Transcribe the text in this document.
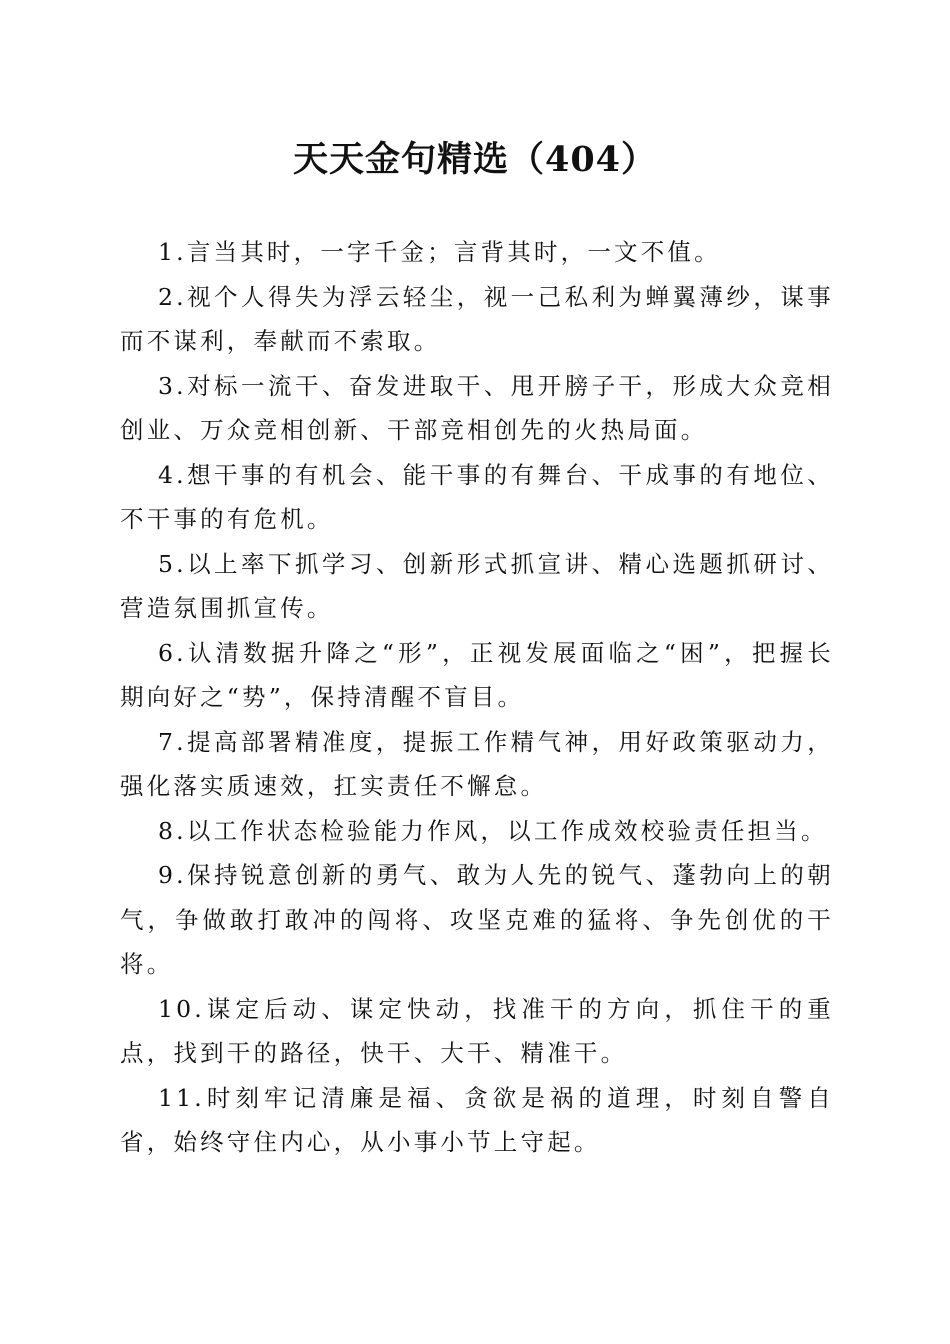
天天金句精选（404）
1.言当其时，一字千金；言背其时，一文不值。
2.视个人得失为浮云轻尘，视一己私利为蝉翼薄纱，谋事而不谋利，奉献而不索取。
3.对标一流干、奋发进取干、甩开膀子干，形成大众竞相创业、万众竞相创新、干部竞相创先的火热局面。
4.想干事的有机会、能干事的有舞台、干成事的有地位、不干事的有危机。
5.以上率下抓学习、创新形式抓宣讲、精心选题抓研讨、营造氛围抓宣传。
6.认清数据升降之“形”，正视发展面临之“困”，把握长期向好之“势”，保持清醒不盲目。
7.提高部署精准度，提振工作精气神，用好政策驱动力，强化落实质速效，扛实责任不懈怠。
8.以工作状态检验能力作风，以工作成效校验责任担当。
9.保持锐意创新的勇气、敢为人先的锐气、蓬勃向上的朝气，争做敢打敢冲的闯将、攻坚克难的猛将、争先创优的干将。
10.谋定后动、谋定快动，找准干的方向，抓住干的重点，找到干的路径，快干、大干、精准干。
11.时刻牢记清廉是福、贪欲是祸的道理，时刻自警自省，始终守住内心，从小事小节上守起。
